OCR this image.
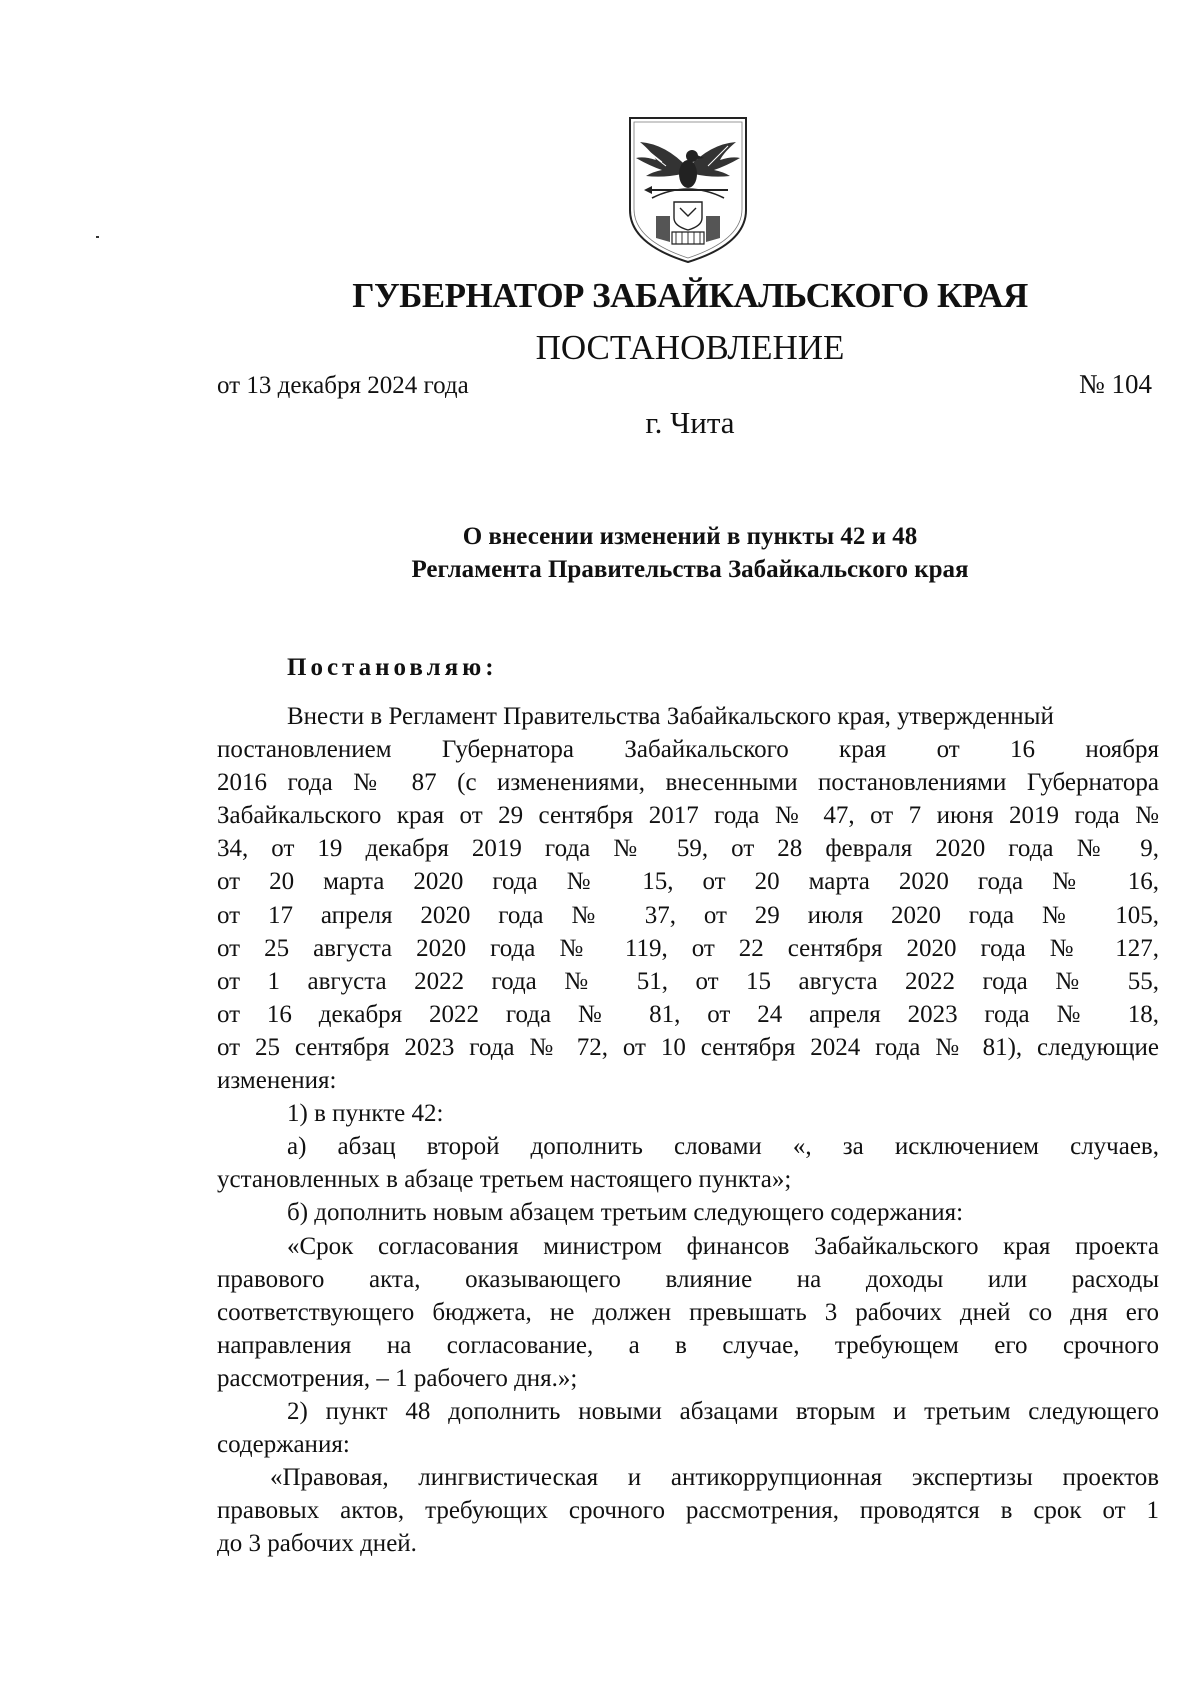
ГУБЕРНАТОР ЗАБАЙКАЛЬСКОГО КРАЯ
ПОСТАНОВЛЕНИЕ
от 13 декабря 2024 года	№ 104
г. Чита
О внесении изменений в пункты 42 и 48
Регламента Правительства Забайкальского края
Постановляю:
Внести в Регламент Правительства Забайкальского края, утвержденный
постановлением Губернатора Забайкальского края от 16 ноября
2016 года № 87 (с изменениями, внесенными постановлениями Губернатора
Забайкальского края от 29 сентября 2017 года № 47, от 7 июня 2019 года №
34, от 19 декабря 2019 года № 59, от 28 февраля 2020 года № 9,
от 20 марта 2020 года № 15, от 20 марта 2020 года № 16,
от 17 апреля 2020 года № 37, от 29 июля 2020 года № 105,
от 25 августа 2020 года № 119, от 22 сентября 2020 года № 127,
от 1 августа 2022 года № 51, от 15 августа 2022 года № 55,
от 16 декабря 2022 года № 81, от 24 апреля 2023 года № 18,
от 25 сентября 2023 года № 72, от 10 сентября 2024 года № 81), следующие
изменения:
1) в пункте 42:
а) абзац второй дополнить словами «, за исключением случаев,
установленных в абзаце третьем настоящего пункта»;
б) дополнить новым абзацем третьим следующего содержания:
«Срок согласования министром финансов Забайкальского края проекта
правового акта, оказывающего влияние на доходы или расходы
соответствующего бюджета, не должен превышать 3 рабочих дней со дня его
направления на согласование, а в случае, требующем его срочного
рассмотрения, – 1 рабочего дня.»;
2) пункт 48 дополнить новыми абзацами вторым и третьим следующего
содержания:
«Правовая, лингвистическая и антикоррупционная экспертизы проектов
правовых актов, требующих срочного рассмотрения, проводятся в срок от 1
до 3 рабочих дней.
